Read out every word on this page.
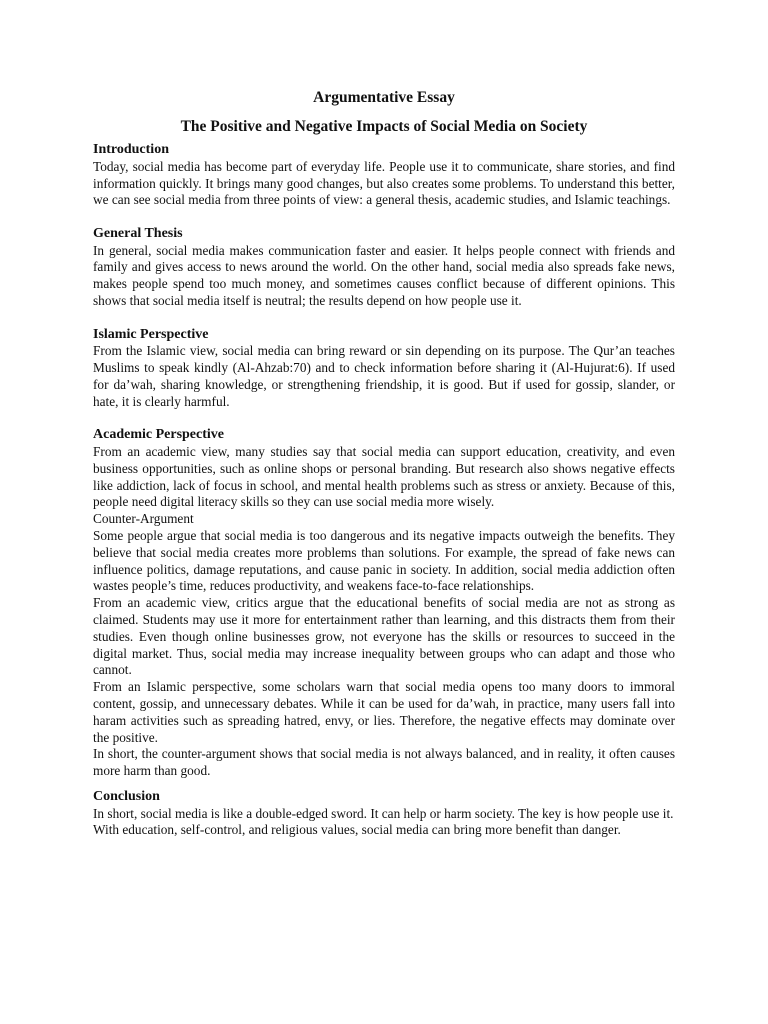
Argumentative Essay
The Positive and Negative Impacts of Social Media on Society
Introduction

Today, social media has become part of everyday life. People use it to communicate, share stories, and find information quickly. It brings many good changes, but also creates some problems. To understand this better, we can see social media from three points of view: a general thesis, academic studies, and Islamic teachings.

General Thesis

In general, social media makes communication faster and easier. It helps people connect with friends and family and gives access to news around the world. On the other hand, social media also spreads fake news, makes people spend too much money, and sometimes causes conflict because of different opinions. This shows that social media itself is neutral; the results depend on how people use it.

Islamic Perspective

From the Islamic view, social media can bring reward or sin depending on its purpose. The Qur’an teaches Muslims to speak kindly (Al-Ahzab:70) and to check information before sharing it (Al-Hujurat:6). If used for da’wah, sharing knowledge, or strengthening friendship, it is good. But if used for gossip, slander, or hate, it is clearly harmful.

Academic Perspective

From an academic view, many studies say that social media can support education, creativity, and even business opportunities, such as online shops or personal branding. But research also shows negative effects like addiction, lack of focus in school, and mental health problems such as stress or anxiety. Because of this, people need digital literacy skills so they can use social media more wisely.

Counter-Argument

Some people argue that social media is too dangerous and its negative impacts outweigh the benefits. They believe that social media creates more problems than solutions. For example, the spread of fake news can influence politics, damage reputations, and cause panic in society. In addition, social media addiction often wastes people’s time, reduces productivity, and weakens face-to-face relationships.

From an academic view, critics argue that the educational benefits of social media are not as strong as claimed. Students may use it more for entertainment rather than learning, and this distracts them from their studies. Even though online businesses grow, not everyone has the skills or resources to succeed in the digital market. Thus, social media may increase inequality between groups who can adapt and those who cannot.

From an Islamic perspective, some scholars warn that social media opens too many doors to immoral content, gossip, and unnecessary debates. While it can be used for da’wah, in practice, many users fall into haram activities such as spreading hatred, envy, or lies. Therefore, the negative effects may dominate over the positive.

In short, the counter-argument shows that social media is not always balanced, and in reality, it often causes more harm than good.

Conclusion

In short, social media is like a double-edged sword. It can help or harm society. The key is how people use it. With education, self-control, and religious values, social media can bring more benefit than danger.
